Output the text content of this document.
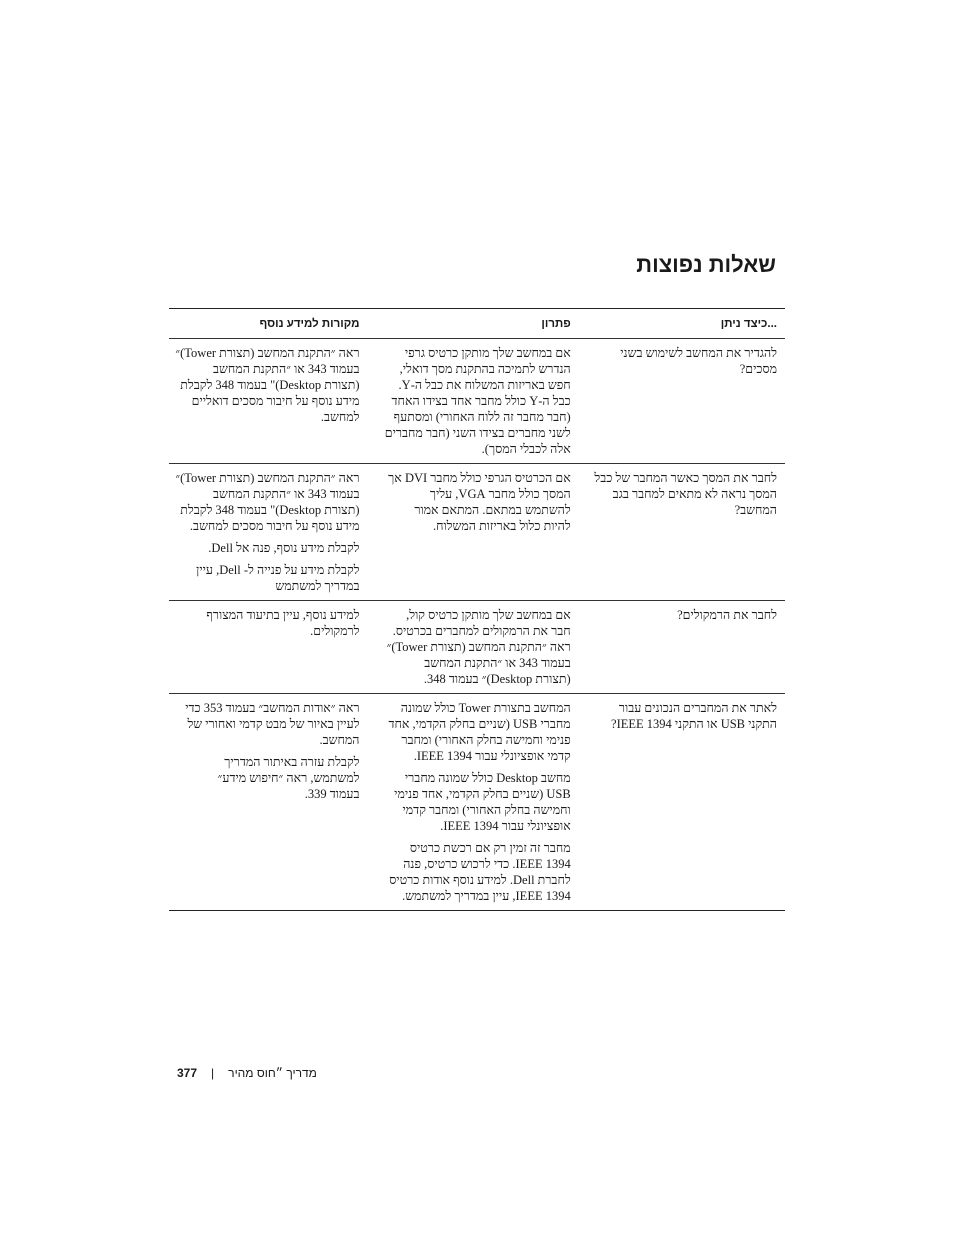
שאלות נפוצות
...כיצד ניתן
פתרון
מקורות למידע נוסף

להגדיר את המחשב לשימוש בשני
מסכים?

אם במחשב שלך מותקן כרטיס גרפי
הנדרש לתמיכה בהתקנת מסך דואלי,
חפש באריזות המשלוח את כבל ה-Y.
כבל ה-Y כולל מחבר אחד בצידו האחד
(חבר מחבר זה ללוח האחורי) ומסתעף
לשני מחברים בצידו השני (חבר מחברים
אלה לכבלי המסך).

ראה ״התקנת המחשב (תצורת Tower)״
בעמוד 343 או ״התקנת המחשב
(תצורת Desktop)" בעמוד 348 לקבלת
מידע נוסף על חיבור מסכים דואליים
למחשב.

לחבר את המסך כאשר המחבר של כבל
המסך נראה לא מתאים למחבר בגב
המחשב?

אם הכרטיס הגרפי כולל מחבר DVI אך
המסך כולל מחבר VGA, עליך
להשתמש במתאם. המתאם אמור
להיות כלול באריזות המשלוח.

ראה ״התקנת המחשב (תצורת Tower)״
בעמוד 343 או ״התקנת המחשב
(תצורת Desktop)" בעמוד 348 לקבלת
מידע נוסף על חיבור מסכים למחשב.

לקבלת מידע נוסף, פנה אל Dell.

לקבלת מידע על פנייה ל- Dell, עיין
במדריך למשתמש

לחבר את הרמקולים?

אם במחשב שלך מותקן כרטיס קול,
חבר את הרמקולים למחברים בכרטיס.
ראה ״התקנת המחשב (תצורת Tower)״
בעמוד 343 או ״התקנת המחשב
(תצורת Desktop)״ בעמוד 348.

למידע נוסף, עיין בתיעוד המצורף
לרמקולים.

לאתר את המחברים הנכונים עבור
התקני USB או התקני IEEE 1394?

המחשב בתצורת Tower כולל שמונה
מחברי USB (שניים בחלק הקדמי, אחד
פנימי וחמישה בחלק האחורי) ומחבר
קדמי אופציונלי עבור IEEE 1394.

מחשב Desktop כולל שמונה מחברי
USB (שניים בחלק הקדמי, אחד פנימי
וחמישה בחלק האחורי) ומחבר קדמי
אופציונלי עבור IEEE 1394.

מחבר זה זמין רק אם רכשת כרטיס
IEEE 1394. כדי לרכוש כרטיס, פנה
לחברת Dell. למידע נוסף אודות כרטיס
IEEE 1394, עיין במדריך למשתמש.

ראה ״אודות המחשב״ בעמוד 353 כדי
לעיין באיור של מבט קדמי ואחורי של
המחשב.

לקבלת עזרה באיתור המדריך
למשתמש, ראה ״חיפוש מידע״
בעמוד 339.

377 | מדריך ״חוס מהיר
